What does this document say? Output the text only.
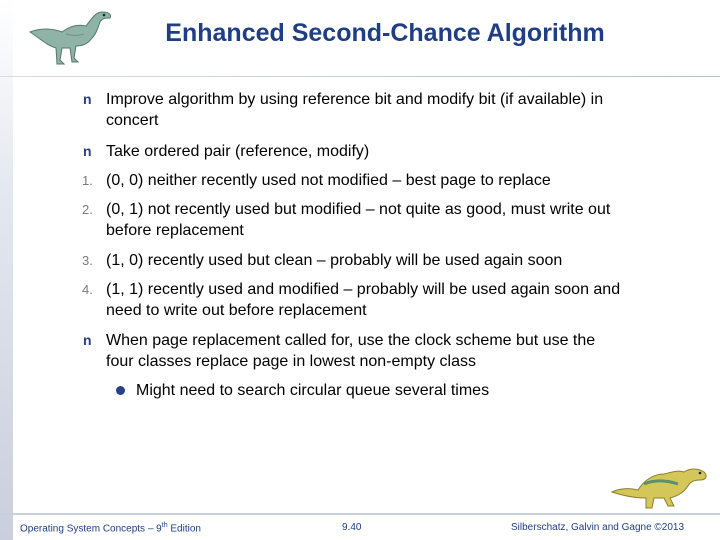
Enhanced Second-Chance Algorithm
n Improve algorithm by using reference bit and modify bit (if available) in concert
n Take ordered pair (reference, modify)
1. (0, 0) neither recently used not modified – best page to replace
2. (0, 1) not recently used but modified – not quite as good, must write out before replacement
3. (1, 0) recently used but clean – probably will be used again soon
4. (1, 1) recently used and modified – probably will be used again soon and need to write out before replacement
n When page replacement called for, use the clock scheme but use the four classes replace page in lowest non-empty class
Might need to search circular queue several times
Operating System Concepts – 9th Edition	9.40	Silberschatz, Galvin and Gagne ©2013
